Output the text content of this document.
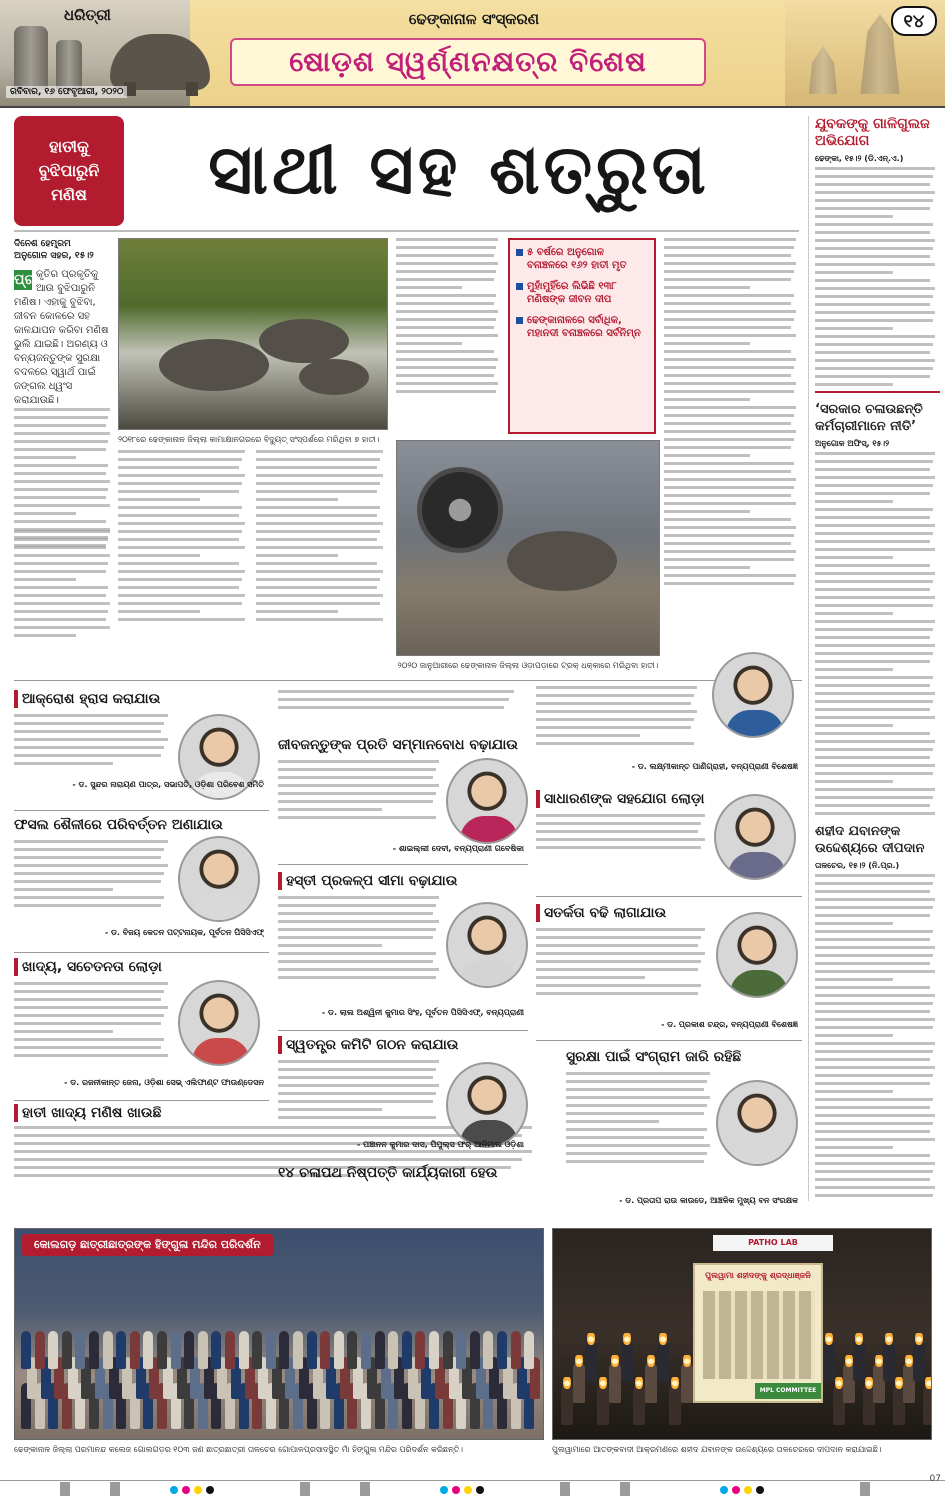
ଧରିତ୍ରୀ	ଢେଙ୍କାନାଳ ସଂସ୍କରଣ
ଷୋଡ଼ଶ ସ୍ୱର୍ଣ୍ଣନକ୍ଷତ୍ର ବିଶେଷ
୧୪
ରବିବାର, ୧୬ ଫେବୃଆରୀ, ୨୦୨୦
ହାତୀକୁ
ବୁଝିପାରୁନି
ମଣିଷ ସାଥୀ ସହ ଶତ୍ରୁତା
ଦିନେଶ ହେମ୍ବ୍ରମ
ଅନୁଗୋଳ ସହର, ୧୫।୨
ପ୍ର କୃତିର ପ୍ରକୃତିକୁ ଆଉ ବୁଝିପାରୁନି ମଣିଷ। ଏହାକୁ ବୁଝିବା, ଜୀବନ କୋଳରେ ସହ କାଳଯାପନ କରିବା ମଣିଷ ଭୁଲି ଯାଇଛି। ଅରଣ୍ୟ ଓ ବନ୍ୟଜନ୍ତୁଙ୍କ ସୁରକ୍ଷା ବଦଳରେ ସ୍ୱାର୍ଥ ପାଇଁ ଜଙ୍ଗଲ ଧ୍ୱଂସ କରାଯାଉଛି।
୨୦୧୮ରେ ଢେଙ୍କାନାଳ ଜିଲ୍ଲା କାମାକ୍ଷାନଗରରେ ବିଦ୍ୟୁତ୍ ସଂସ୍ପର୍ଶରେ ମରିଥିବା ୭ ହାତୀ।
୫ ବର୍ଷରେ ଅନୁଗୋଳ ବନାଞ୍ଚଳରେ ୧୬୨ ହାତୀ ମୃତ
ମୁହାଁମୁହିଁରେ ଲିଭିଛି ୧୩୮ ମଣିଷଙ୍କ ଜୀବନ ଦୀପ
ଢେଙ୍କାନାଳରେ ସର୍ବାଧିକ, ମହାନଦୀ ବନାଞ୍ଚଳରେ ସର୍ବନିମ୍ନ
୨୦୨୦ ଜାନୁଆରୀରେ ଢେଙ୍କାନାଳ ଜିଲ୍ଲା ଓଡ଼ାପଡ଼ାରେ ଟ୍ରକ୍ ଧକ୍କାରେ ମରିଥିବା ହାତୀ।
ଆକ୍ରୋଶ ହ୍ରାସ କରାଯାଉ
- ଡ. ସୁନ୍ଦର ନାରାୟଣ ପାତ୍ର, ସଭାପତି, ଓଡ଼ିଶା ପରିବେଶ ସମିତି
ଫସଲ ଶୈଳୀରେ ପରିବର୍ତ୍ତନ ଅଣାଯାଉ
- ଡ. ବିଜୟ କେତନ ପଟ୍ଟନାୟକ, ପୂର୍ବତନ ପିସିସିଏଫ୍
ଖାଦ୍ୟ, ସଚେତନତା ଲୋଡ଼ା
- ଡ. ରଜନୀକାନ୍ତ ଜେନା, ଓଡ଼ିଶା ସେଭ୍ ଏଲିଫାଣ୍ଟ ଫାଉଣ୍ଡେସନ
ହାତୀ ଖାଦ୍ୟ ମଣିଷ ଖାଉଛି
ଜୀବଜନ୍ତୁଙ୍କ ପ୍ରତି ସମ୍ମାନବୋଧ ବଢ଼ାଯାଉ
- ଶାଇଲ୍ଲୀ ଦେବୀ, ବନ୍ୟପ୍ରାଣୀ ଗବେଷିକା
ହସ୍ତୀ ପ୍ରକଳ୍ପ ସୀମା ବଢ଼ାଯାଉ
- ଡ. ଲାଲ ଅଶ୍ୱିନୀ କୁମାର ସିଂହ, ପୂର୍ବତନ ପିସିସିଏଫ୍, ବନ୍ୟପ୍ରାଣୀ
ସ୍ୱତନ୍ତ୍ର କମିଟି ଗଠନ କରାଯାଉ
- ପଞ୍ଚାନନ କୁମାର ଦାସ, ପିପୁଲ୍ସ ଫର୍ ଆନିମାଲ ଓଡ଼ିଶା
୧୪ ଚଳାପଥ ନିଷ୍ପତ୍ତି କାର୍ଯ୍ୟକାରୀ ହେଉ
- ଡ. ଲକ୍ଷ୍ମୀକାନ୍ତ ପାଣିଗ୍ରାହୀ, ବନ୍ୟପ୍ରାଣୀ ବିଶେଷଜ୍ଞ
ସାଧାରଣଙ୍କ ସହଯୋଗ ଲୋଡ଼ା
ସତର୍କତା ବଢି ଲାଗାଯାଉ
- ଡ. ପ୍ରକାଶ ଚନ୍ଦ୍ର, ବନ୍ୟପ୍ରାଣୀ ବିଶେଷଜ୍ଞ
ସୁରକ୍ଷା ପାଇଁ ସଂଗ୍ରାମ ଜାରି ରହିଛି
- ଡ. ପ୍ରତାପ ରାଉ କାଉଡେ, ଆଞ୍ଚଳିକ ମୁଖ୍ୟ ବନ ସଂରକ୍ଷକ
ଯୁବକଙ୍କୁ ଗାଳିଗୁଲଜ ଅଭିଯୋଗ
ଢେଙ୍କା, ୧୫।୨ (ଡି.ଏନ୍.ଏ.)
‘ସରକାର ଚଳାଉଛନ୍ତି କର୍ମଚାରୀମାନେ ନୀତି’
ଅନୁଗୋଳ ଅଫିସ୍, ୧୫।୨
ଶହୀଦ ଯବାନଙ୍କ ଉଦ୍ଦେଶ୍ୟରେ ଦୀପଦାନ
ତାଳଚେର, ୧୫।୨ (ନି.ପ୍ର.)
କୋଲଗଡ଼ ଛାତ୍ରୀଛାତ୍ରଙ୍କ ହିଙ୍ଗୁଳା ମନ୍ଦିର ପରିଦର୍ଶନ
ପୁଲୱାମା ଶହୀଦଙ୍କୁ ଶ୍ରଦ୍ଧାଞ୍ଜଳି
MPL COMMITTEE
PATHO LAB
ଢେଙ୍କାନାଳ ଜିଲ୍ଲା ପରମାନନ୍ଦ କଲେଜ ଗୋଲଗଡ଼ର ୧୦୩ ଜଣ ଛାତ୍ରଛାତ୍ରୀ ତାଳଚେର ଗୋପାଳପ୍ରସାଦସ୍ଥିତ ମାଁ ହିଙ୍ଗୁଳା ମନ୍ଦିର ପରିଦର୍ଶନ କରିଛନ୍ତି।	ପୁଲୱାମାରେ ଆତଙ୍କବାଦୀ ଆକ୍ରମଣରେ ଶହୀଦ ଯବାନଙ୍କ ଉଦ୍ଦେଶ୍ୟରେ ତାଳଚେରରେ ଦୀପଦାନ କରାଯାଇଛି।
07
